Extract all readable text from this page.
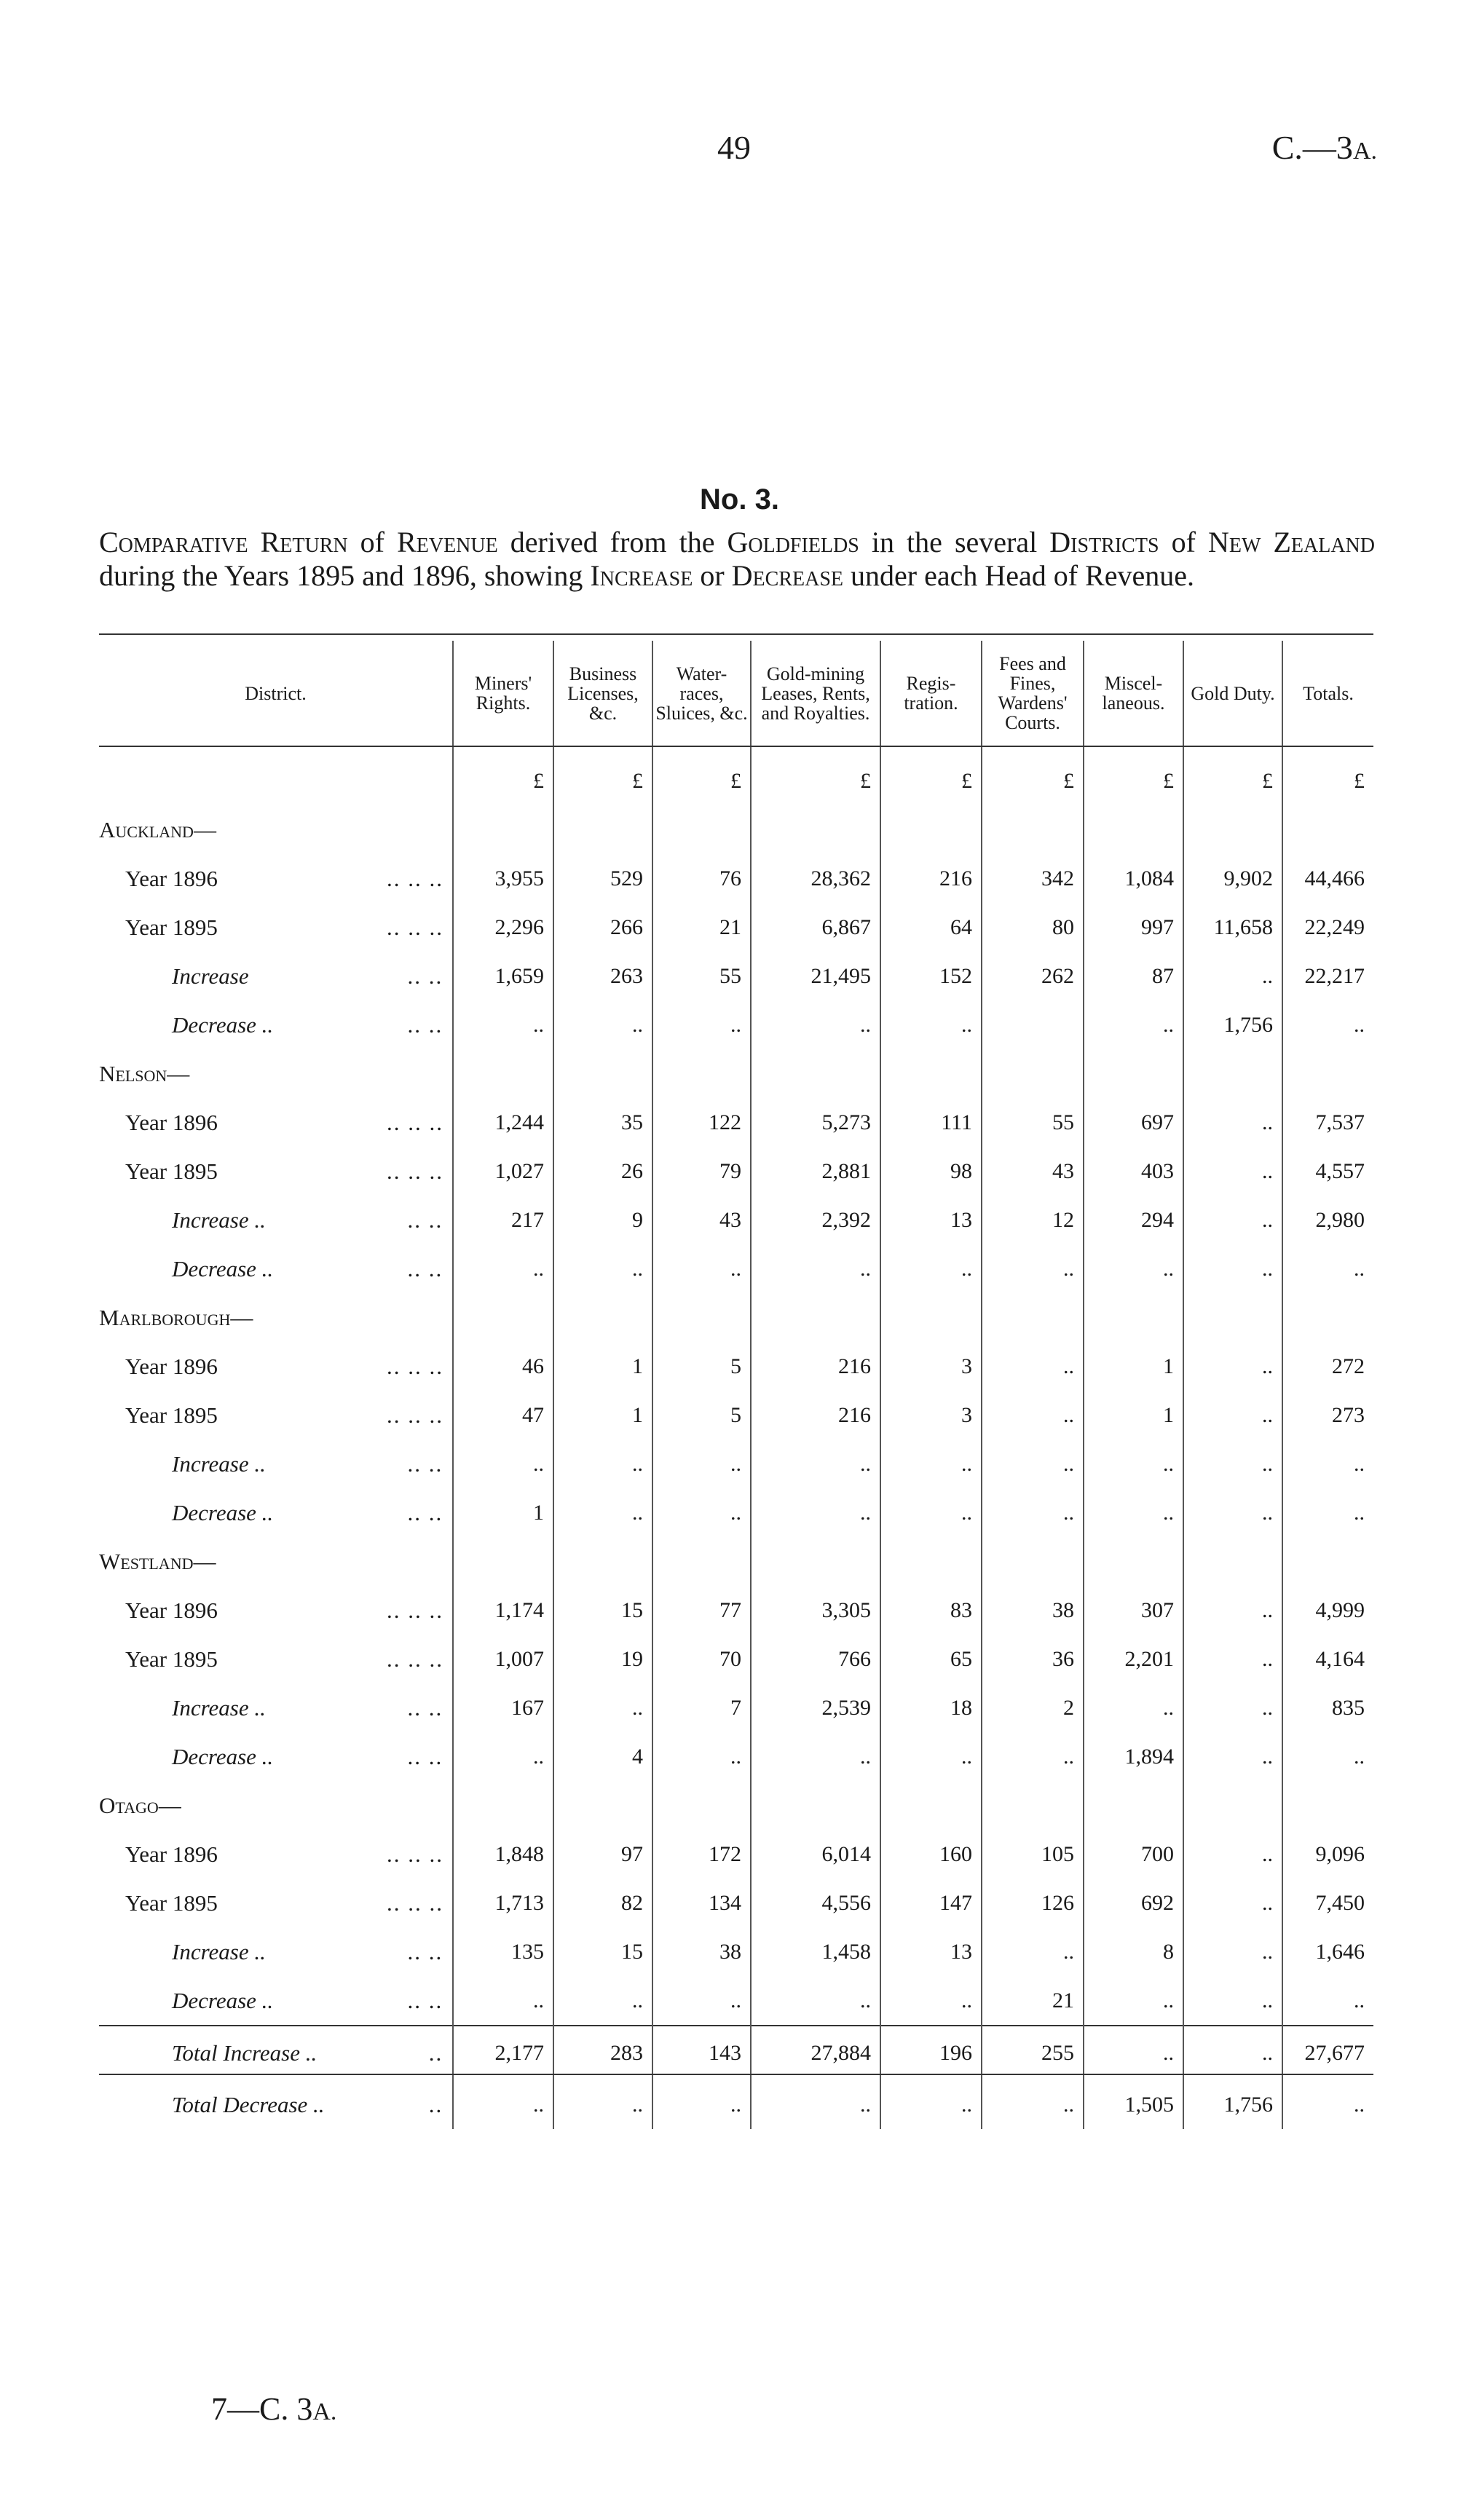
49	C.—3A.
No. 3.
Comparative Return of Revenue derived from the Goldfields in the several Districts of New Zealand during the Years 1895 and 1896, showing Increase or Decrease under each Head of Revenue.
District.	Miners' Rights.	Business Licenses, &c.	Water-races, Sluices, &c.	Gold-mining Leases, Rents, and Royalties.	Regis-tration.	Fees and Fines, Wardens' Courts.	Miscel-laneous.	Gold Duty.	Totals.
	£	£	£	£	£	£	£	£	£
Auckland—									
Year 1896 .. .. ..	3,955	529	76	28,362	216	342	1,084	9,902	44,466
Year 1895 .. .. ..	2,296	266	21	6,867	64	80	997	11,658	22,249
Increase .. ..	1,659	263	55	21,495	152	262	87	..	22,217
Decrease .. .. ..	..	..	..	..	..		..	1,756	..
Nelson—									
Year 1896 .. .. ..	1,244	35	122	5,273	111	55	697	..	7,537
Year 1895 .. .. ..	1,027	26	79	2,881	98	43	403	..	4,557
Increase .. .. ..	217	9	43	2,392	13	12	294	..	2,980
Decrease .. .. ..	..	..	..	..	..	..	..	..	..
Marlborough—									
Year 1896 .. .. ..	46	1	5	216	3	..	1	..	272
Year 1895 .. .. ..	47	1	5	216	3	..	1	..	273
Increase .. .. ..	..	..	..	..	..	..	..	..	..
Decrease .. .. ..	1	..	..	..	..	..	..	..	..
Westland—									
Year 1896 .. .. ..	1,174	15	77	3,305	83	38	307	..	4,999
Year 1895 .. .. ..	1,007	19	70	766	65	36	2,201	..	4,164
Increase .. .. ..	167	..	7	2,539	18	2	..	..	835
Decrease .. .. ..	..	4	..	..	..	..	1,894	..	..
Otago—									
Year 1896 .. .. ..	1,848	97	172	6,014	160	105	700	..	9,096
Year 1895 .. .. ..	1,713	82	134	4,556	147	126	692	..	7,450
Increase .. .. ..	135	15	38	1,458	13	..	8	..	1,646
Decrease .. .. ..	..	..	..	..	..	21	..	..	..
Total Increase .. ..	2,177	283	143	27,884	196	255	..	..	27,677
Total Decrease .. ..	..	..	..	..	..	..	1,505	1,756	..
7—C. 3A.
